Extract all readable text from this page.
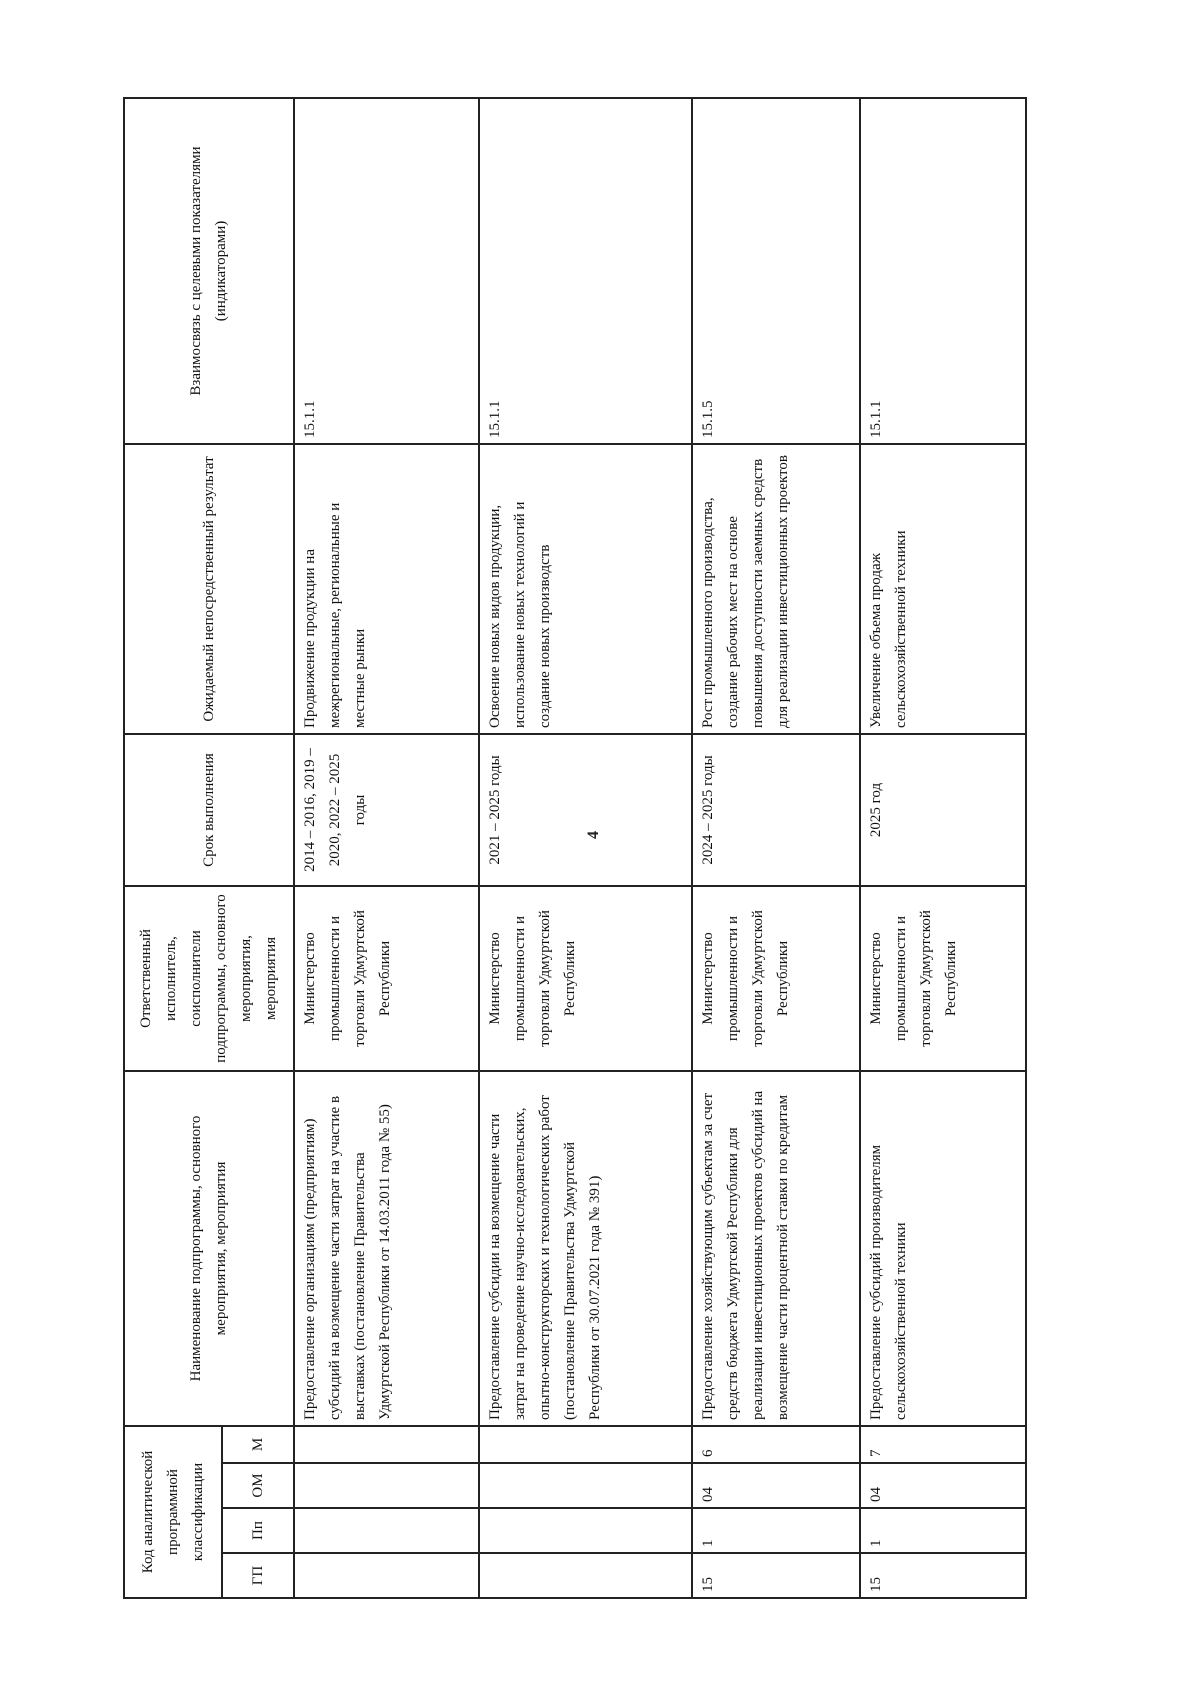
4
Код аналитической программной классификации				Наименование подпрограммы, основного мероприятия, мероприятия	Ответственный исполнитель, соисполнители подпрограммы, основного мероприятия, мероприятия	Срок выполнения	Ожидаемый непосредственный результат	Взаимосвязь с целевыми показателями (индикаторами)
ГП	Пп	ОМ	М					
				Предоставление организациям (предприятиям) субсидий на возмещение части затрат на участие в выставках (постановление Правительства Удмуртской Республики от 14.03.2011 года № 55)	Министерство промышленности и торговли Удмуртской Республики	2014 – 2016, 2019 – 2020, 2022 – 2025 годы	Продвижение продукции на межрегиональные, региональные и местные рынки	15.1.1
				Предоставление субсидии на возмещение части затрат на проведение научно-исследовательских, опытно-конструкторских и технологических работ (постановление Правительства Удмуртской Республики от 30.07.2021 года № 391)	Министерство промышленности и торговли Удмуртской Республики	2021 – 2025 годы	Освоение новых видов продукции, использование новых технологий и создание новых производств	15.1.1
15	1	04	6	Предоставление хозяйствующим субъектам за счет средств бюджета Удмуртской Республики для реализации инвестиционных проектов субсидий на возмещение части процентной ставки по кредитам	Министерство промышленности и торговли Удмуртской Республики	2024 – 2025 годы	Рост промышленного производства, создание рабочих мест на основе повышения доступности заемных средств для реализации инвестиционных проектов	15.1.5
15	1	04	7	Предоставление субсидий производителям сельскохозяйственной техники	Министерство промышленности и торговли Удмуртской Республики	2025 год	Увеличение объема продаж сельскохозяйственной техники	15.1.1
